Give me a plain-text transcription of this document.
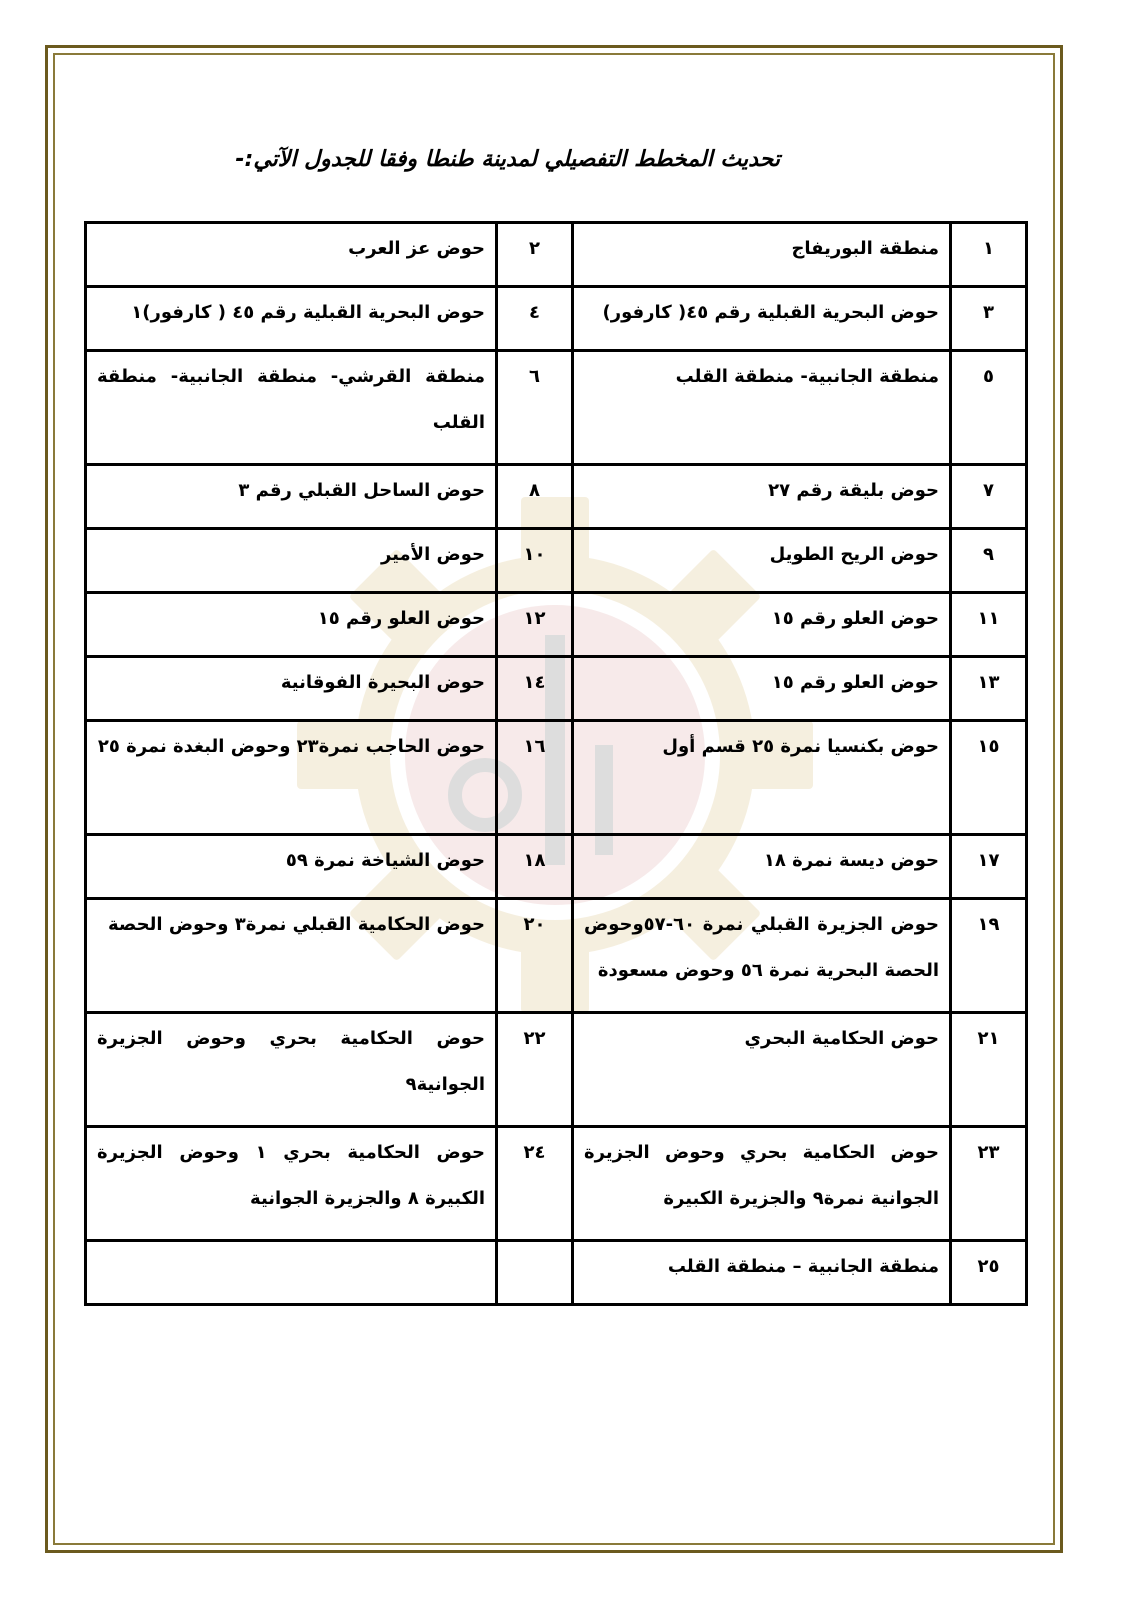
تحديث المخطط التفصيلي لمدينة طنطا وفقا للجدول الآتي:-
١	منطقة البوريفاج	٢	حوض عز العرب
٣	حوض البحرية القبلية رقم ٤٥( كارفور)	٤	حوض البحرية القبلية رقم ٤٥ ( كارفور)١
٥	منطقة الجانبية- منطقة القلب	٦	منطقة القرشي- منطقة الجانبية- منطقة القلب
٧	حوض بليقة رقم ٢٧	٨	حوض الساحل القبلي رقم ٣
٩	حوض الريح الطويل	١٠	حوض الأمير
١١	حوض العلو رقم ١٥	١٢	حوض العلو رقم ١٥
١٣	حوض العلو رقم ١٥	١٤	حوض البحيرة الفوقانية
١٥	حوض بكنسيا نمرة ٢٥ قسم أول	١٦	حوض الحاجب نمرة٢٣ وحوض البغدة نمرة ٢٥
١٧	حوض ديسة نمرة ١٨	١٨	حوض الشياخة نمرة ٥٩
١٩	حوض الجزيرة القبلي نمرة ٦٠-٥٧وحوض الحصة البحرية نمرة ٥٦ وحوض مسعودة	٢٠	حوض الحكامية القبلي نمرة٣ وحوض الحصة
٢١	حوض الحكامية البحري	٢٢	حوض الحكامية بحري وحوض الجزيرة الجوانية٩
٢٣	حوض الحكامية بحري وحوض الجزيرة الجوانية نمرة٩ والجزيرة الكبيرة	٢٤	حوض الحكامية بحري ١ وحوض الجزيرة الكبيرة ٨ والجزيرة الجوانية
٢٥	منطقة الجانبية – منطقة القلب		
